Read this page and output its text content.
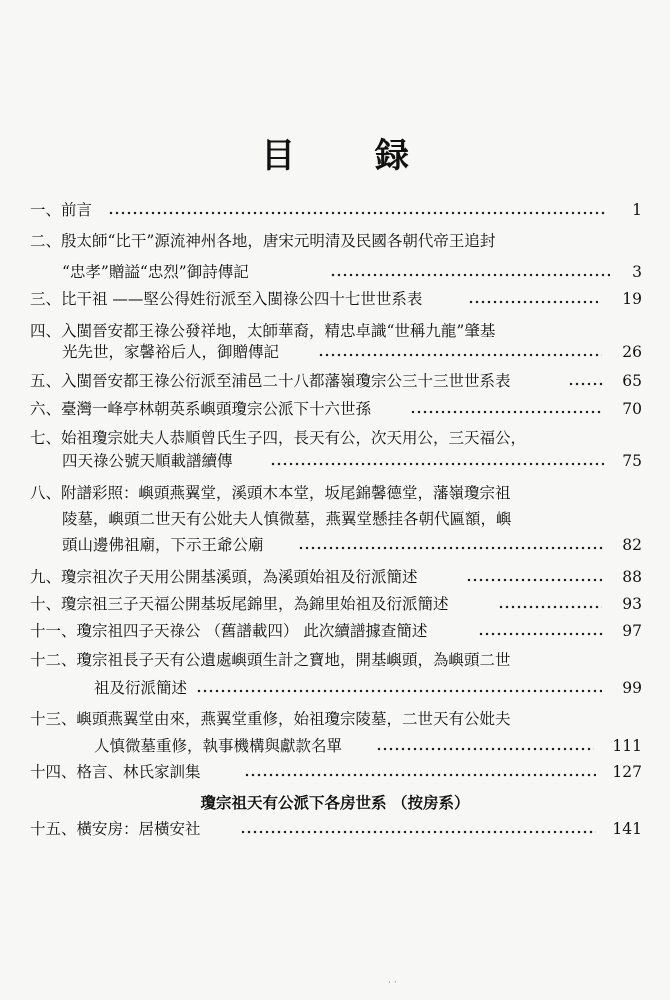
目 録
一、前言	1
二、殷太師“比干”源流神州各地，唐宋元明清及民國各朝代帝王追封
“忠孝”贈謚“忠烈”御詩傳記	3
三、比干祖 ——堅公得姓衍派至入閩祿公四十七世世系表	19
四、入閩晉安都王祿公發祥地，太師華裔，精忠卓識“世稱九龍”肇基
光先世，家馨裕后人，御贈傳記	26
五、入閩晉安都王祿公衍派至浦邑二十八都藩嶺瓊宗公三十三世世系表	65
六、臺灣一峰亭林朝英系嶼頭瓊宗公派下十六世孫	70
七、始祖瓊宗妣夫人恭順曾氏生子四，長天有公，次天用公，三天福公，
四天祿公號天順載譜續傳	75
八、附譜彩照：嶼頭燕翼堂，溪頭木本堂，坂尾錦馨德堂，藩嶺瓊宗祖
陵墓，嶼頭二世天有公妣夫人慎微墓，燕翼堂懸挂各朝代匾額，嶼
頭山邊佛祖廟，下示王爺公廟	82
九、瓊宗祖次子天用公開基溪頭，為溪頭始祖及衍派簡述	88
十、瓊宗祖三子天福公開基坂尾錦里，為錦里始祖及衍派簡述	93
十一、瓊宗祖四子天祿公 （舊譜載四） 此次續譜據查簡述	97
十二、瓊宗祖長子天有公遺處嶼頭生計之寶地，開基嶼頭，為嶼頭二世
祖及衍派簡述	99
十三、嶼頭燕翼堂由來，燕翼堂重修，始祖瓊宗陵墓，二世天有公妣夫
人慎微墓重修，執事機構與獻款名單	111
十四、格言、林氏家訓集	127
瓊宗祖天有公派下各房世系 （按房系）
十五、橫安房：居橫安社	141
· ⋅
